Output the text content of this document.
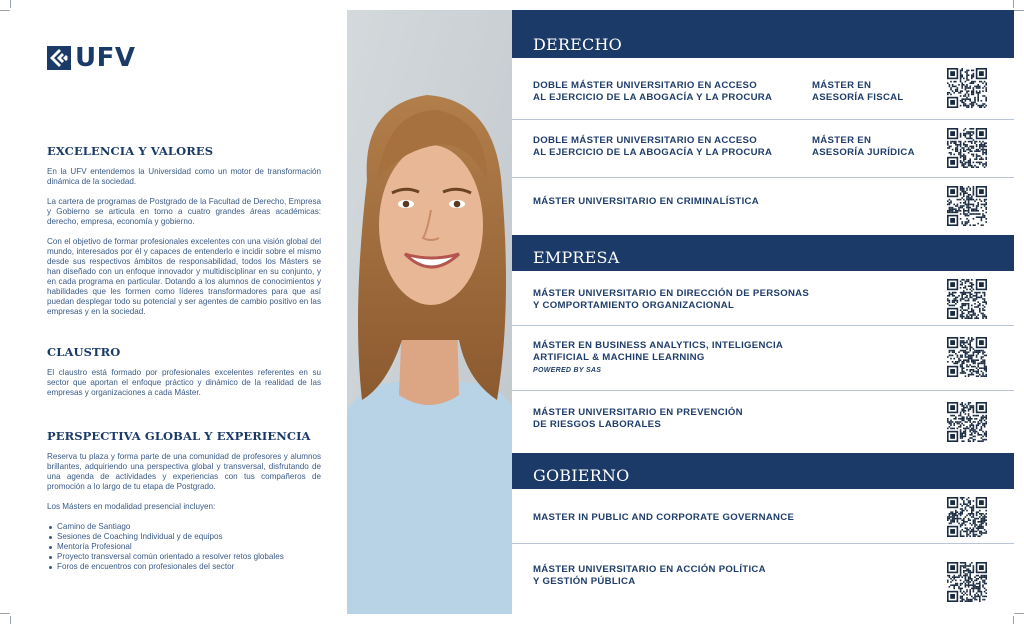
UFV
EXCELENCIA Y VALORES

En la UFV entendemos la Universidad como un motor de transformación dinámica de la sociedad.

La cartera de programas de Postgrado de la Facultad de Derecho, Empresa y Gobierno se articula en torno a cuatro grandes áreas académicas: derecho, empresa, economía y gobierno.

Con el objetivo de formar profesionales excelentes con una visión global del mundo, interesados por él y capaces de entenderlo e incidir sobre el mismo desde sus respectivos ámbitos de responsabilidad, todos los Másters se han diseñado con un enfoque innovador y multidisciplinar en su conjunto, y en cada programa en particular. Dotando a los alumnos de conocimientos y habilidades que les formen como líderes transformadores para que así puedan desplegar todo su potencial y ser agentes de cambio positivo en las empresas y en la sociedad.

CLAUSTRO

El claustro está formado por profesionales excelentes referentes en su sector que aportan el enfoque práctico y dinámico de la realidad de las empresas y organizaciones a cada Máster.

PERSPECTIVA GLOBAL Y EXPERIENCIA

Reserva tu plaza y forma parte de una comunidad de profesores y alumnos brillantes, adquiriendo una perspectiva global y transversal, disfrutando de una agenda de actividades y experiencias con tus compañeros de promoción a lo largo de tu etapa de Postgrado.

Los Másters en modalidad presencial incluyen:

Camino de Santiago
Sesiones de Coaching Individual y de equipos
Mentoría Profesional
Proyecto transversal común orientado a resolver retos globales
Foros de encuentros con profesionales del sector
DERECHO
DOBLE MÁSTER UNIVERSITARIO EN ACCESO
AL EJERCICIO DE LA ABOGACÍA Y LA PROCURA
MÁSTER EN
ASESORÍA FISCAL
DOBLE MÁSTER UNIVERSITARIO EN ACCESO
AL EJERCICIO DE LA ABOGACÍA Y LA PROCURA
MÁSTER EN
ASESORÍA JURÍDICA
MÁSTER UNIVERSITARIO EN CRIMINALÍSTICA
EMPRESA
MÁSTER UNIVERSITARIO EN DIRECCIÓN DE PERSONAS
Y COMPORTAMIENTO ORGANIZACIONAL
MÁSTER EN BUSINESS ANALYTICS, INTELIGENCIA
ARTIFICIAL & MACHINE LEARNING
POWERED BY SAS
MÁSTER UNIVERSITARIO EN PREVENCIÓN
DE RIESGOS LABORALES
GOBIERNO
MASTER IN PUBLIC AND CORPORATE GOVERNANCE
MÁSTER UNIVERSITARIO EN ACCIÓN POLÍTICA
Y GESTIÓN PÚBLICA
